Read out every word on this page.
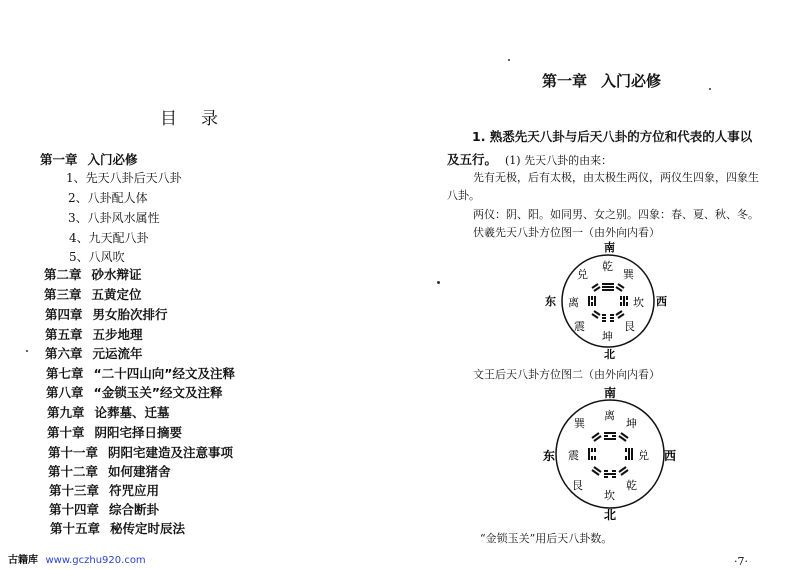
目 录
第一章 入门必修
1、先天八卦后天八卦
2、八卦配人体
3、八卦风水属性
4、九天配八卦
5、八风吹
第二章 砂水辩证
第三章 五黄定位
第四章 男女胎次排行
第五章 五步地理
第六章 元运流年
第七章 “二十四山向”经文及注释
第八章 “金锁玉关”经文及注释
第九章 论葬墓、迁墓
第十章 阴阳宅择日摘要
第十一章 阴阳宅建造及注意事项
第十二章 如何建猪舍
第十三章 符咒应用
第十四章 综合断卦
第十五章 秘传定时辰法
第一章 入门必修
1. 熟悉先天八卦与后天八卦的方位和代表的人事以
及五行。 (1) 先天八卦的由来：
先有无极，后有太极，由太极生两仪，两仪生四象，四象生
八卦。
两仪：阴、阳。如同男、女之别。四象：春、夏、秋、冬。
伏羲先天八卦方位图一（由外向内看）
南
乾
巽
坎
艮
坤
震
离
兑
东	西
北
文王后天八卦方位图二（由外向内看）
南
离
坤
兑
乾
坎
艮
震
巽
东	西
北
“金锁玉关”用后天八卦数。
·7·
古籍库 www.gczhu920.com
